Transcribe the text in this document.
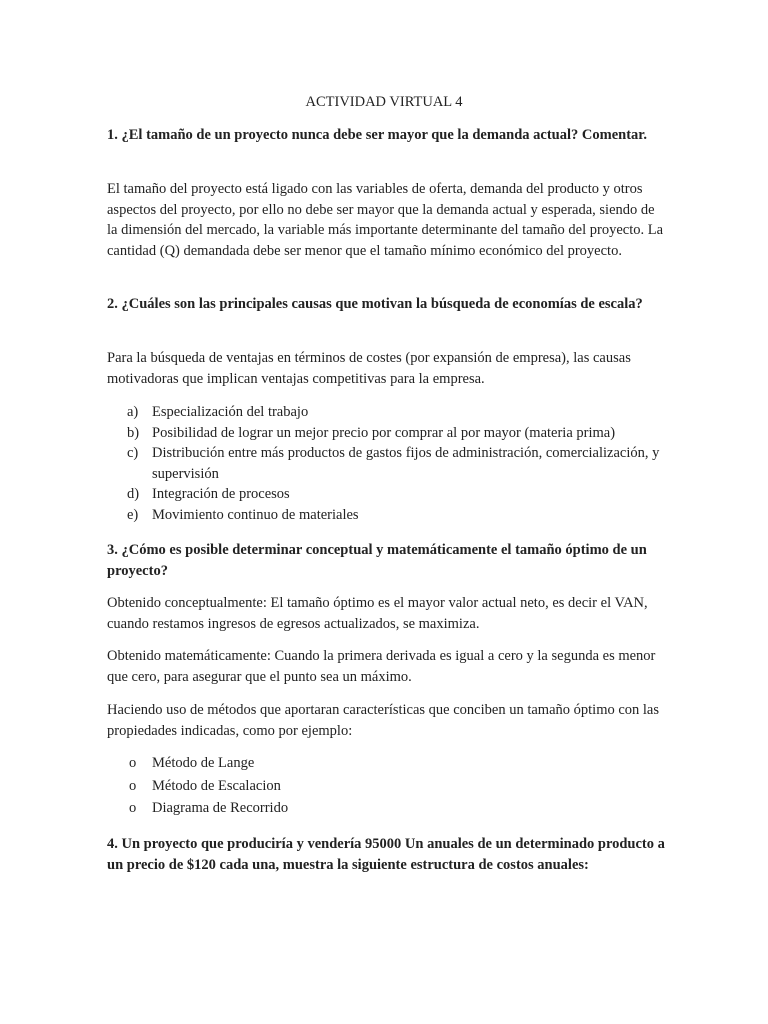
ACTIVIDAD VIRTUAL 4
1. ¿El tamaño de un proyecto nunca debe ser mayor que la demanda actual? Comentar.
El tamaño del proyecto está ligado con las variables de oferta, demanda del producto y otros aspectos del proyecto, por ello no debe ser mayor que la demanda actual y esperada, siendo de la dimensión del mercado, la variable más importante determinante del tamaño del proyecto. La cantidad (Q) demandada debe ser menor que el tamaño mínimo económico del proyecto.
2. ¿Cuáles son las principales causas que motivan la búsqueda de economías de escala?
Para la búsqueda de ventajas en términos de costes (por expansión de empresa), las causas motivadoras que implican ventajas competitivas para la empresa.
a) Especialización del trabajo
b) Posibilidad de lograr un mejor precio por comprar al por mayor (materia prima)
c) Distribución entre más productos de gastos fijos de administración, comercialización, y supervisión
d) Integración de procesos
e) Movimiento continuo de materiales
3. ¿Cómo es posible determinar conceptual y matemáticamente el tamaño óptimo de un proyecto?
Obtenido conceptualmente: El tamaño óptimo es el mayor valor actual neto, es decir el VAN, cuando restamos ingresos de egresos actualizados, se maximiza.
Obtenido matemáticamente: Cuando la primera derivada es igual a cero y la segunda es menor que cero, para asegurar que el punto sea un máximo.
Haciendo uso de métodos que aportaran características que conciben un tamaño óptimo con las propiedades indicadas, como por ejemplo:
o Método de Lange
o Método de Escalacion
o Diagrama de Recorrido
4. Un proyecto que produciría y vendería 95000 Un anuales de un determinado producto a un precio de $120 cada una, muestra la siguiente estructura de costos anuales:
